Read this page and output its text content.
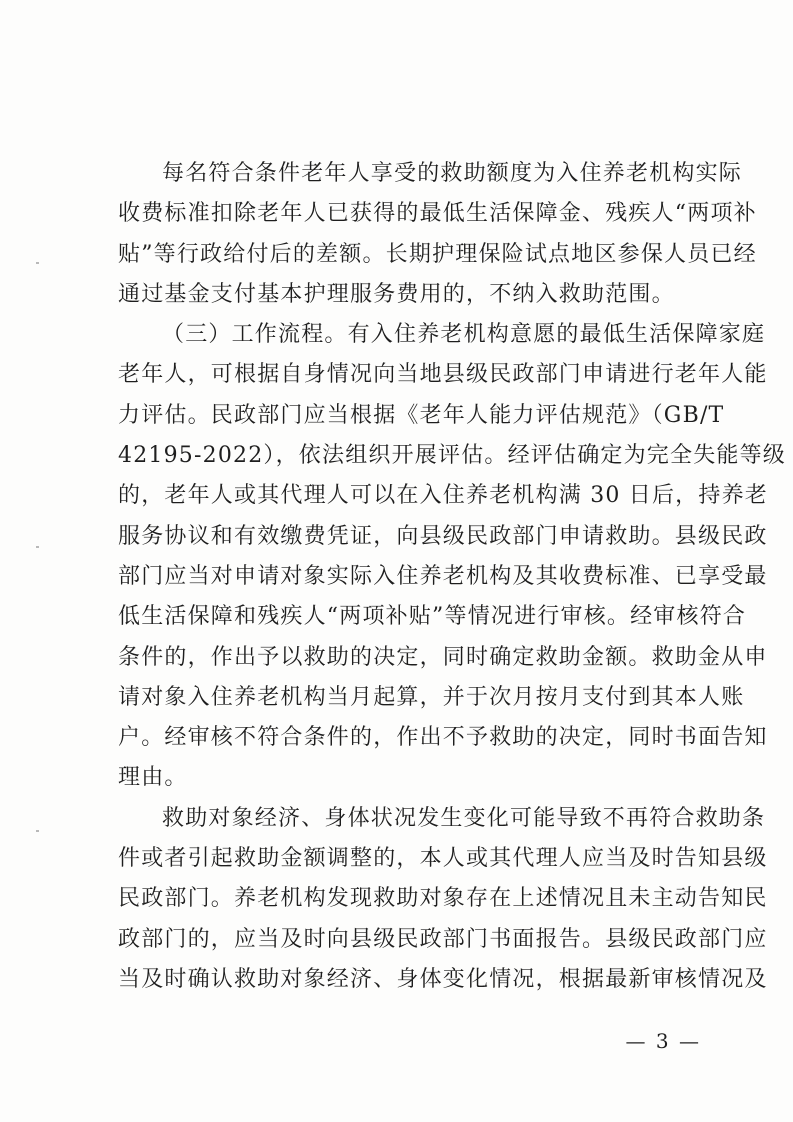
每名符合条件老年人享受的救助额度为入住养老机构实际
收费标准扣除老年人已获得的最低生活保障金、残疾人“两项补
贴”等行政给付后的差额。长期护理保险试点地区参保人员已经
通过基金支付基本护理服务费用的，不纳入救助范围。

（三）工作流程。有入住养老机构意愿的最低生活保障家庭
老年人，可根据自身情况向当地县级民政部门申请进行老年人能
力评估。民政部门应当根据《老年人能力评估规范》（GB/T
42195-2022），依法组织开展评估。经评估确定为完全失能等级
的，老年人或其代理人可以在入住养老机构满 30 日后，持养老
服务协议和有效缴费凭证，向县级民政部门申请救助。县级民政
部门应当对申请对象实际入住养老机构及其收费标准、已享受最
低生活保障和残疾人“两项补贴”等情况进行审核。经审核符合
条件的，作出予以救助的决定，同时确定救助金额。救助金从申
请对象入住养老机构当月起算，并于次月按月支付到其本人账
户。经审核不符合条件的，作出不予救助的决定，同时书面告知
理由。

救助对象经济、身体状况发生变化可能导致不再符合救助条
件或者引起救助金额调整的，本人或其代理人应当及时告知县级
民政部门。养老机构发现救助对象存在上述情况且未主动告知民
政部门的，应当及时向县级民政部门书面报告。县级民政部门应
当及时确认救助对象经济、身体变化情况，根据最新审核情况及

— 3 —
